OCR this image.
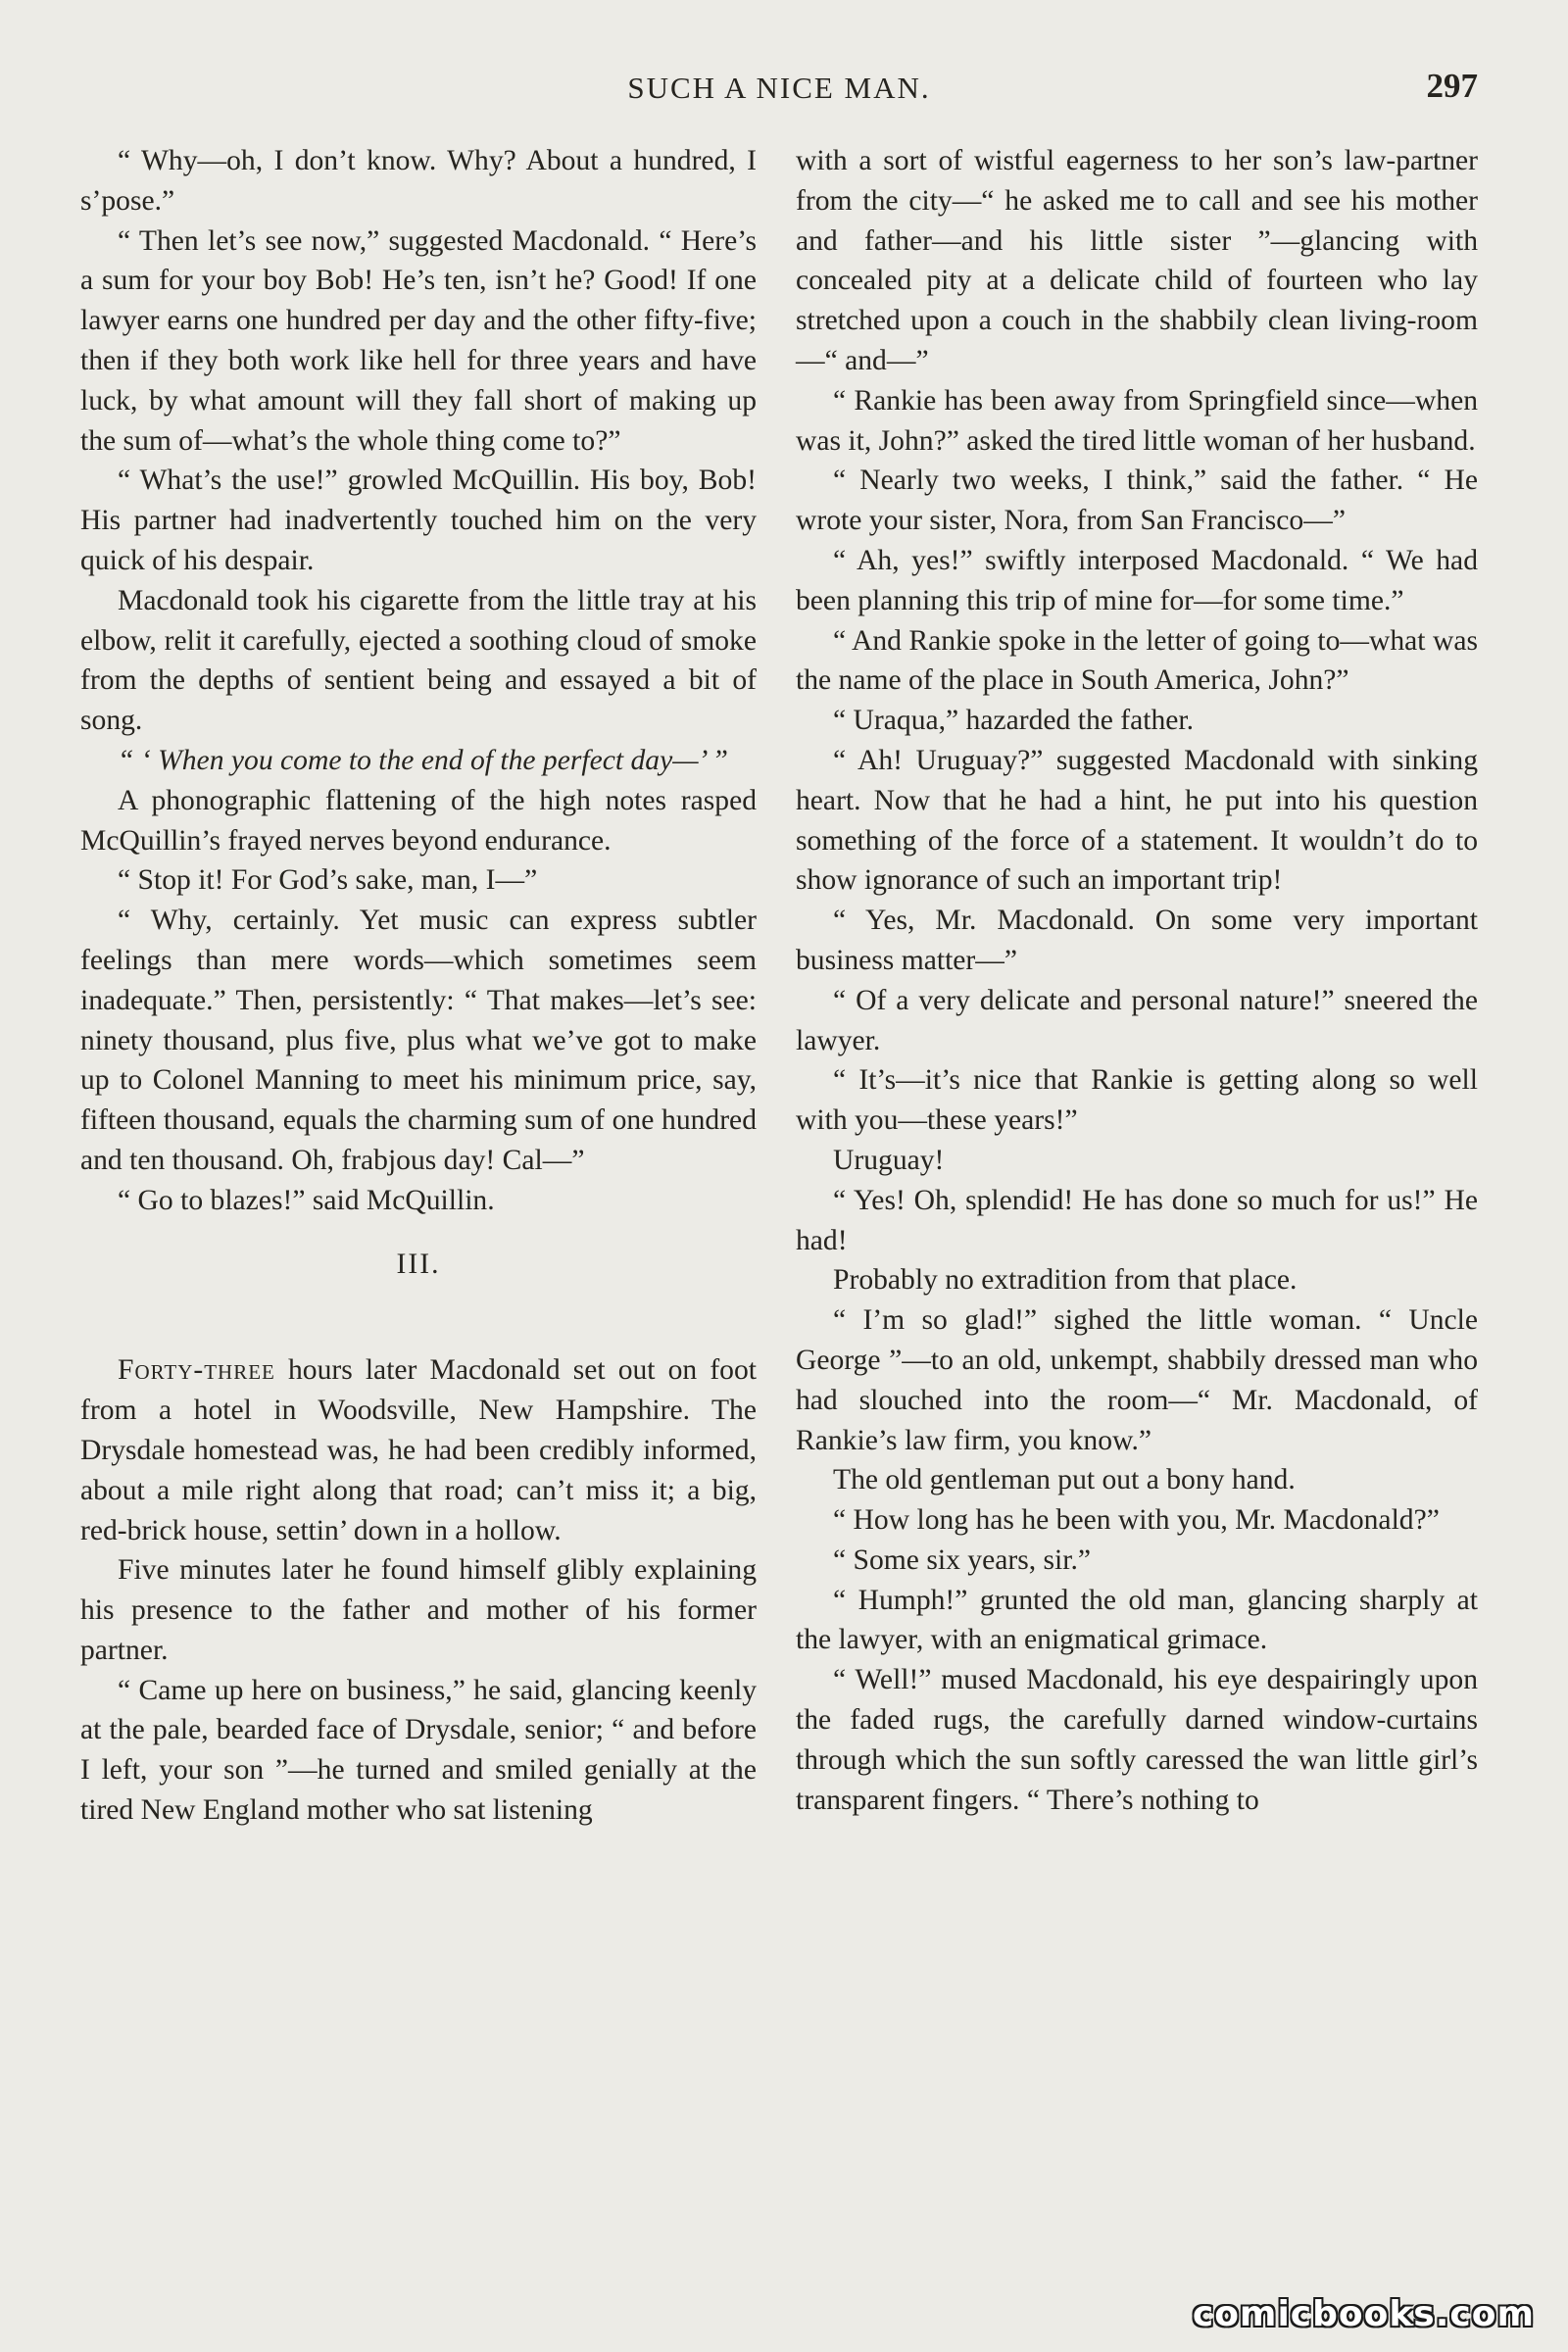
SUCH A NICE MAN.	297

“ Why—oh, I don’t know. Why? About a hundred, I s’pose.”

“ Then let’s see now,” suggested Macdonald. “ Here’s a sum for your boy Bob! He’s ten, isn’t he? Good! If one lawyer earns one hundred per day and the other fifty-five; then if they both work like hell for three years and have luck, by what amount will they fall short of making up the sum of—what’s the whole thing come to?”

“ What’s the use!” growled McQuillin. His boy, Bob! His partner had inadvertently touched him on the very quick of his despair.

Macdonald took his cigarette from the little tray at his elbow, relit it carefully, ejected a soothing cloud of smoke from the depths of sentient being and essayed a bit of song.

“ ‘ When you come to the end of the perfect day—’ ”

A phonographic flattening of the high notes rasped McQuillin’s frayed nerves beyond endurance.

“ Stop it! For God’s sake, man, I—”

“ Why, certainly. Yet music can express subtler feelings than mere words—which sometimes seem inadequate.” Then, persistently: “ That makes—let’s see: ninety thousand, plus five, plus what we’ve got to make up to Colonel Manning to meet his minimum price, say, fifteen thousand, equals the charming sum of one hundred and ten thousand. Oh, frabjous day! Cal—”

“ Go to blazes!” said McQuillin.

III.

Forty-three hours later Macdonald set out on foot from a hotel in Woodsville, New Hampshire. The Drysdale homestead was, he had been credibly informed, about a mile right along that road; can’t miss it; a big, red-brick house, settin’ down in a hollow.

Five minutes later he found himself glibly explaining his presence to the father and mother of his former partner.

“ Came up here on business,” he said, glancing keenly at the pale, bearded face of Drysdale, senior; “ and before I left, your son ”—he turned and smiled genially at the tired New England mother who sat listening

with a sort of wistful eagerness to her son’s law-partner from the city—“ he asked me to call and see his mother and father—and his little sister ”—glancing with concealed pity at a delicate child of fourteen who lay stretched upon a couch in the shabbily clean living-room—“ and—”

“ Rankie has been away from Springfield since—when was it, John?” asked the tired little woman of her husband.

“ Nearly two weeks, I think,” said the father. “ He wrote your sister, Nora, from San Francisco—”

“ Ah, yes!” swiftly interposed Macdonald. “ We had been planning this trip of mine for—for some time.”

“ And Rankie spoke in the letter of going to—what was the name of the place in South America, John?”

“ Uraqua,” hazarded the father.

“ Ah! Uruguay?” suggested Macdonald with sinking heart. Now that he had a hint, he put into his question something of the force of a statement. It wouldn’t do to show ignorance of such an important trip!

“ Yes, Mr. Macdonald. On some very important business matter—”

“ Of a very delicate and personal nature!” sneered the lawyer.

“ It’s—it’s nice that Rankie is getting along so well with you—these years!”

Uruguay!

“ Yes! Oh, splendid! He has done so much for us!” He had!

Probably no extradition from that place.

“ I’m so glad!” sighed the little woman. “ Uncle George ”—to an old, unkempt, shabbily dressed man who had slouched into the room—“ Mr. Macdonald, of Rankie’s law firm, you know.”

The old gentleman put out a bony hand.

“ How long has he been with you, Mr. Macdonald?”

“ Some six years, sir.”

“ Humph!” grunted the old man, glancing sharply at the lawyer, with an enigmatical grimace.

“ Well!” mused Macdonald, his eye despairingly upon the faded rugs, the carefully darned window-curtains through which the sun softly caressed the wan little girl’s transparent fingers. “ There’s nothing to

comicbooks.com
